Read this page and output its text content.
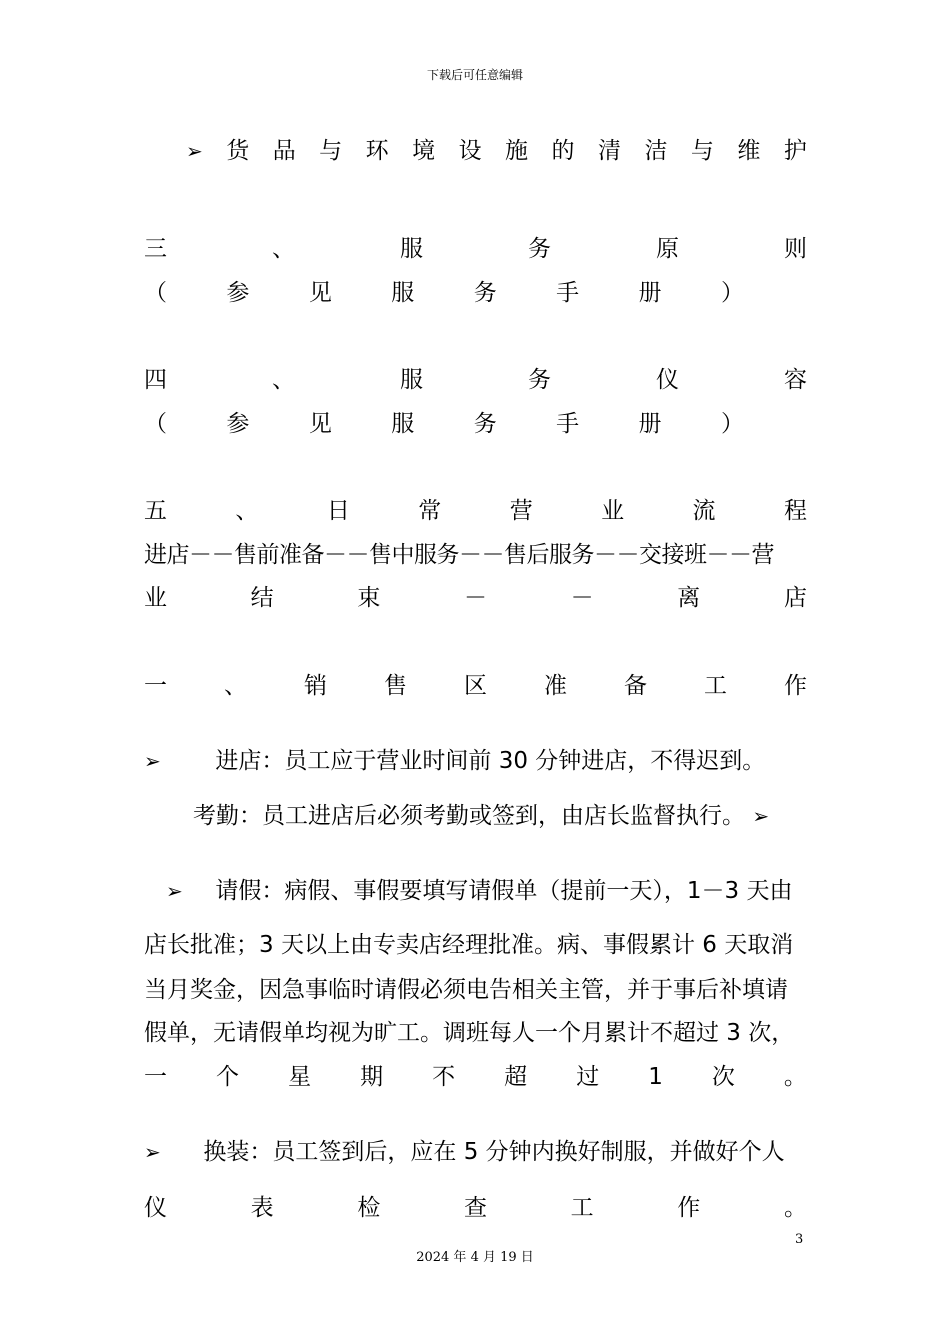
下载后可任意编辑
➢ 货 品 与 环 境 设 施 的 清 洁 与 维 护
三	、	服	务	原	则
（	参	见	服	务	手	册	）
四	、	服	务	仪	容
（	参	见	服	务	手	册	）
五	、	日	常	营	业	流	程
进店－－售前准备－－售中服务－－售后服务－－交接班－－营
业	结	束	－	－	离	店
一 、 销 售 区 准 备 工 作
➢ 进店：员工应于营业时间前 30 分钟进店，不得迟到。
考勤：员工进店后必须考勤或签到，由店长监督执行。 ➢
➢ 请假：病假、事假要填写请假单（提前一天），1－3 天由
店长批准；3 天以上由专卖店经理批准。病、事假累计 6 天取消
当月奖金，因急事临时请假必须电告相关主管，并于事后补填请
假单，无请假单均视为旷工。调班每人一个月累计不超过 3 次，
一 个 星 期 不 超 过 1 次 。
➢ 换装：员工签到后，应在 5 分钟内换好制服，并做好个人
仪	表	检	查	工	作	。
3
2024 年 4 月 19 日
